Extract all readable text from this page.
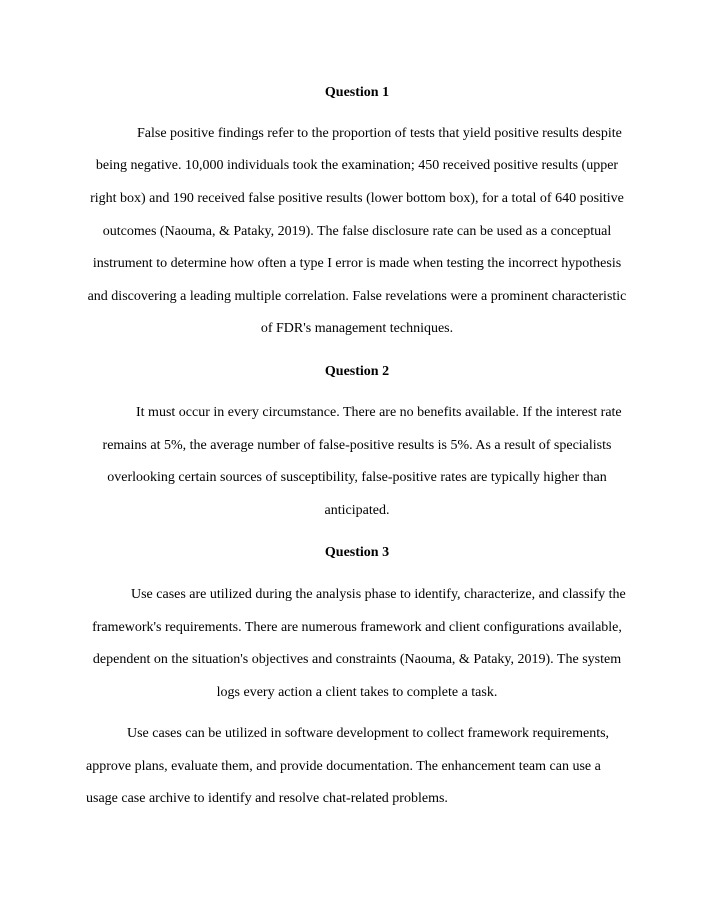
Question 1
False positive findings refer to the proportion of tests that yield positive results despite
being negative. 10,000 individuals took the examination; 450 received positive results (upper
right box) and 190 received false positive results (lower bottom box), for a total of 640 positive
outcomes (Naouma, & Pataky, 2019). The false disclosure rate can be used as a conceptual
instrument to determine how often a type I error is made when testing the incorrect hypothesis
and discovering a leading multiple correlation. False revelations were a prominent characteristic
of FDR's management techniques.
Question 2
It must occur in every circumstance. There are no benefits available. If the interest rate
remains at 5%, the average number of false-positive results is 5%. As a result of specialists
overlooking certain sources of susceptibility, false-positive rates are typically higher than
anticipated.
Question 3
Use cases are utilized during the analysis phase to identify, characterize, and classify the
framework's requirements. There are numerous framework and client configurations available,
dependent on the situation's objectives and constraints (Naouma, & Pataky, 2019). The system
logs every action a client takes to complete a task.
Use cases can be utilized in software development to collect framework requirements,
approve plans, evaluate them, and provide documentation. The enhancement team can use a
usage case archive to identify and resolve chat-related problems.
